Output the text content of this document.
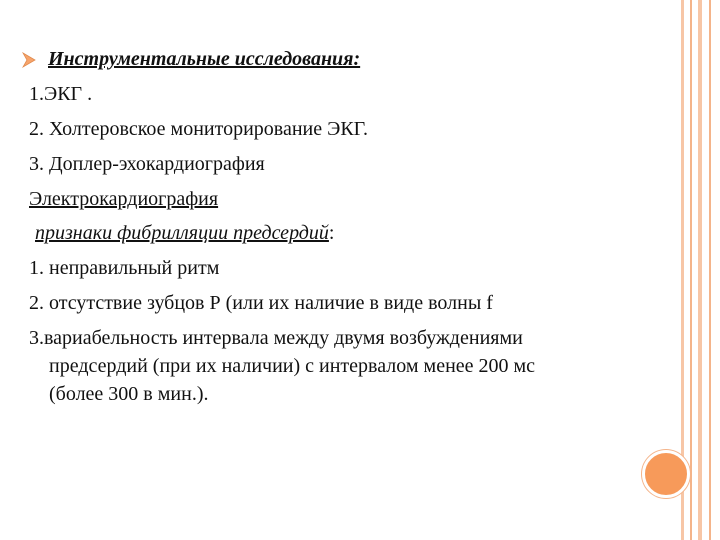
Инструментальные исследования:
1.ЭКГ .
2. Холтеровское мониторирование ЭКГ.
3. Доплер-эхокардиография
Электрокардиография
признаки фибрилляции предсердий:
1. неправильный ритм
2. отсутствие зубцов Р (или их наличие в виде волны f
3.вариабельность интервала между двумя возбуждениями
предсердий (при их наличии) с интервалом менее 200 мс
(более 300 в мин.).
